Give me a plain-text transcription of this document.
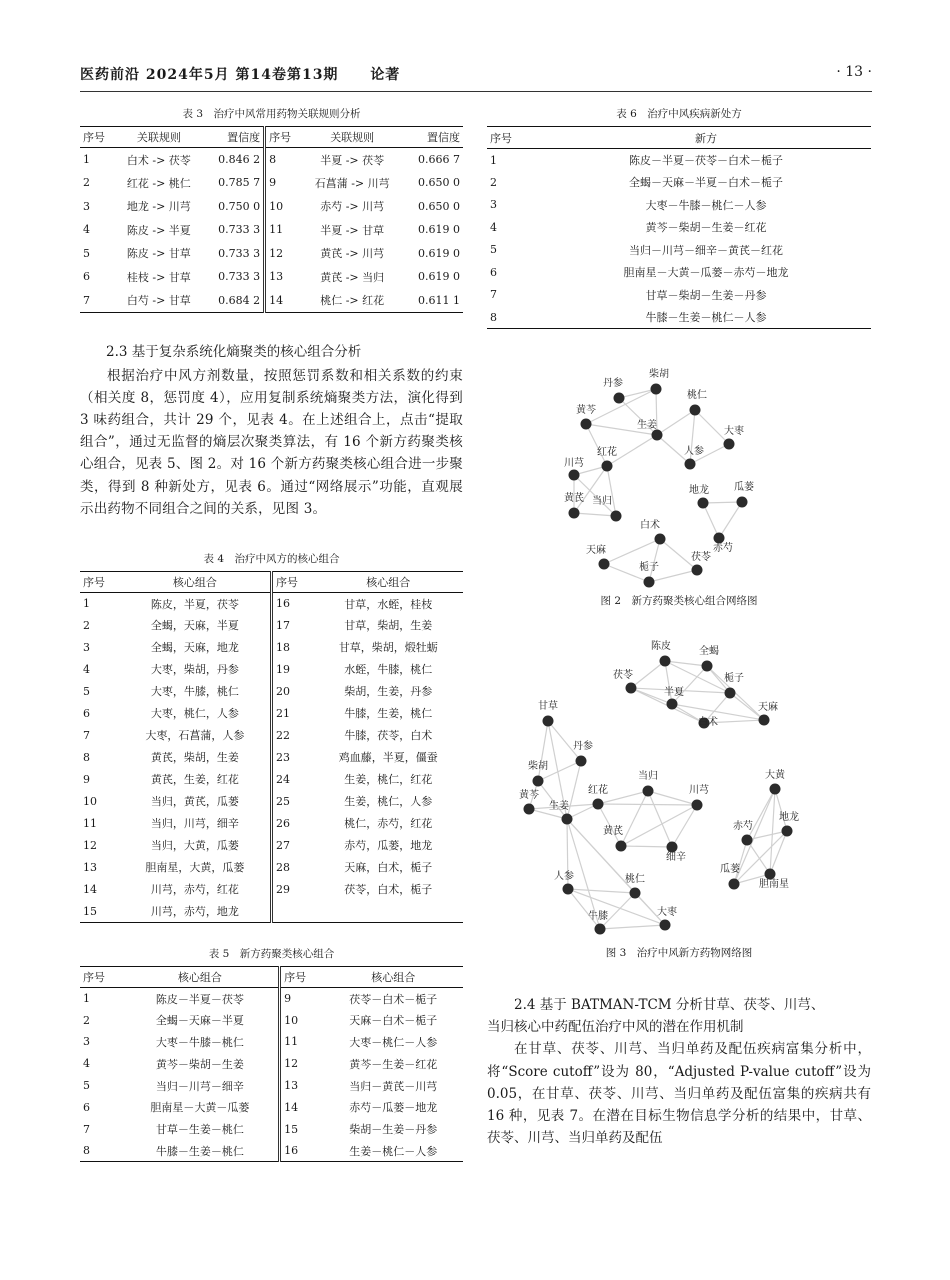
医药前沿 2024年5月 第14卷第13期 论著	· 13 ·
表 3　治疗中风常用药物关联规则分析
序号	关联规则	置信度	序号	关联规则	置信度
1	白术 -> 茯苓	0.846 2	8	半夏 -> 茯苓	0.666 7
2	红花 -> 桃仁	0.785 7	9	石菖蒲 -> 川芎	0.650 0
3	地龙 -> 川芎	0.750 0	10	赤芍 -> 川芎	0.650 0
4	陈皮 -> 半夏	0.733 3	11	半夏 -> 甘草	0.619 0
5	陈皮 -> 甘草	0.733 3	12	黄芪 -> 川芎	0.619 0
6	桂枝 -> 甘草	0.733 3	13	黄芪 -> 当归	0.619 0
7	白芍 -> 甘草	0.684 2	14	桃仁 -> 红花	0.611 1
2.3 基于复杂系统化熵聚类的核心组合分析

根据治疗中风方剂数量，按照惩罚系数和相关系数的约束（相关度 8，惩罚度 4），应用复制系统熵聚类方法，演化得到 3 味药组合，共计 29 个，见表 4。在上述组合上，点击“提取组合”，通过无监督的熵层次聚类算法，有 16 个新方药聚类核心组合，见表 5、图 2。对 16 个新方药聚类核心组合进一步聚类，得到 8 种新处方，见表 6。通过“网络展示”功能，直观展示出药物不同组合之间的关系，见图 3。

表 4　治疗中风方的核心组合
序号	核心组合	序号	核心组合
1	陈皮，半夏，茯苓	16	甘草，水蛭，桂枝
2	全蝎，天麻，半夏	17	甘草，柴胡，生姜
3	全蝎，天麻，地龙	18	甘草，柴胡，煅牡蛎
4	大枣，柴胡，丹参	19	水蛭，牛膝，桃仁
5	大枣，牛膝，桃仁	20	柴胡，生姜，丹参
6	大枣，桃仁，人参	21	牛膝，生姜，桃仁
7	大枣，石菖蒲，人参	22	牛膝，茯苓，白术
8	黄芪，柴胡，生姜	23	鸡血藤，半夏，僵蚕
9	黄芪，生姜，红花	24	生姜，桃仁，红花
10	当归，黄芪，瓜蒌	25	生姜，桃仁，人参
11	当归，川芎，细辛	26	桃仁，赤芍，红花
12	当归，大黄，瓜蒌	27	赤芍，瓜蒌，地龙
13	胆南星，大黄，瓜蒌	28	天麻，白术，栀子
14	川芎，赤芍，红花	29	茯苓，白术，栀子
15	川芎，赤芍，地龙		
表 5　新方药聚类核心组合
序号	核心组合	序号	核心组合
1	陈皮－半夏－茯苓	9	茯苓－白术－栀子
2	全蝎－天麻－半夏	10	天麻－白术－栀子
3	大枣－牛膝－桃仁	11	大枣－桃仁－人参
4	黄芩－柴胡－生姜	12	黄芩－生姜－红花
5	当归－川芎－细辛	13	当归－黄芪－川芎
6	胆南星－大黄－瓜蒌	14	赤芍－瓜蒌－地龙
7	甘草－生姜－桃仁	15	柴胡－生姜－丹参
8	牛膝－生姜－桃仁	16	生姜－桃仁－人参
表 6　治疗中风疾病新处方
序号	新方
1	陈皮－半夏－茯苓－白术－栀子
2	全蝎－天麻－半夏－白术－栀子
3	大枣－牛膝－桃仁－人参
4	黄芩－柴胡－生姜－红花
5	当归－川芎－细辛－黄芪－红花
6	胆南星－大黄－瓜蒌－赤芍－地龙
7	甘草－柴胡－生姜－丹参
8	牛膝－生姜－桃仁－人参
丹参
柴胡
桃仁
黄芩
生姜
大枣
人参
川芎
红花
黄芪 当归
地龙	瓜蒌
赤芍
白术
天麻
茯苓
栀子
图 2　新方药聚类核心组合网络图
陈皮	全蝎
茯苓	栀子
半夏
白术
天麻
甘草
丹参
柴胡
当归
红花	川芎
黄芩
生姜
黄芪
细辛
大黄
地龙
赤芍
胆南星
瓜蒌
人参	桃仁
牛膝	大枣
图 3　治疗中风新方药物网络图
2.4 基于 BATMAN-TCM 分析甘草、茯苓、川芎、
当归核心中药配伍治疗中风的潜在作用机制

在甘草、茯苓、川芎、当归单药及配伍疾病富集分析中，将“Score cutoff”设为 80，“Adjusted P-value cutoff”设为 0.05，在甘草、茯苓、川芎、当归单药及配伍富集的疾病共有 16 种，见表 7。在潜在目标生物信息学分析的结果中，甘草、茯苓、川芎、当归单药及配伍
